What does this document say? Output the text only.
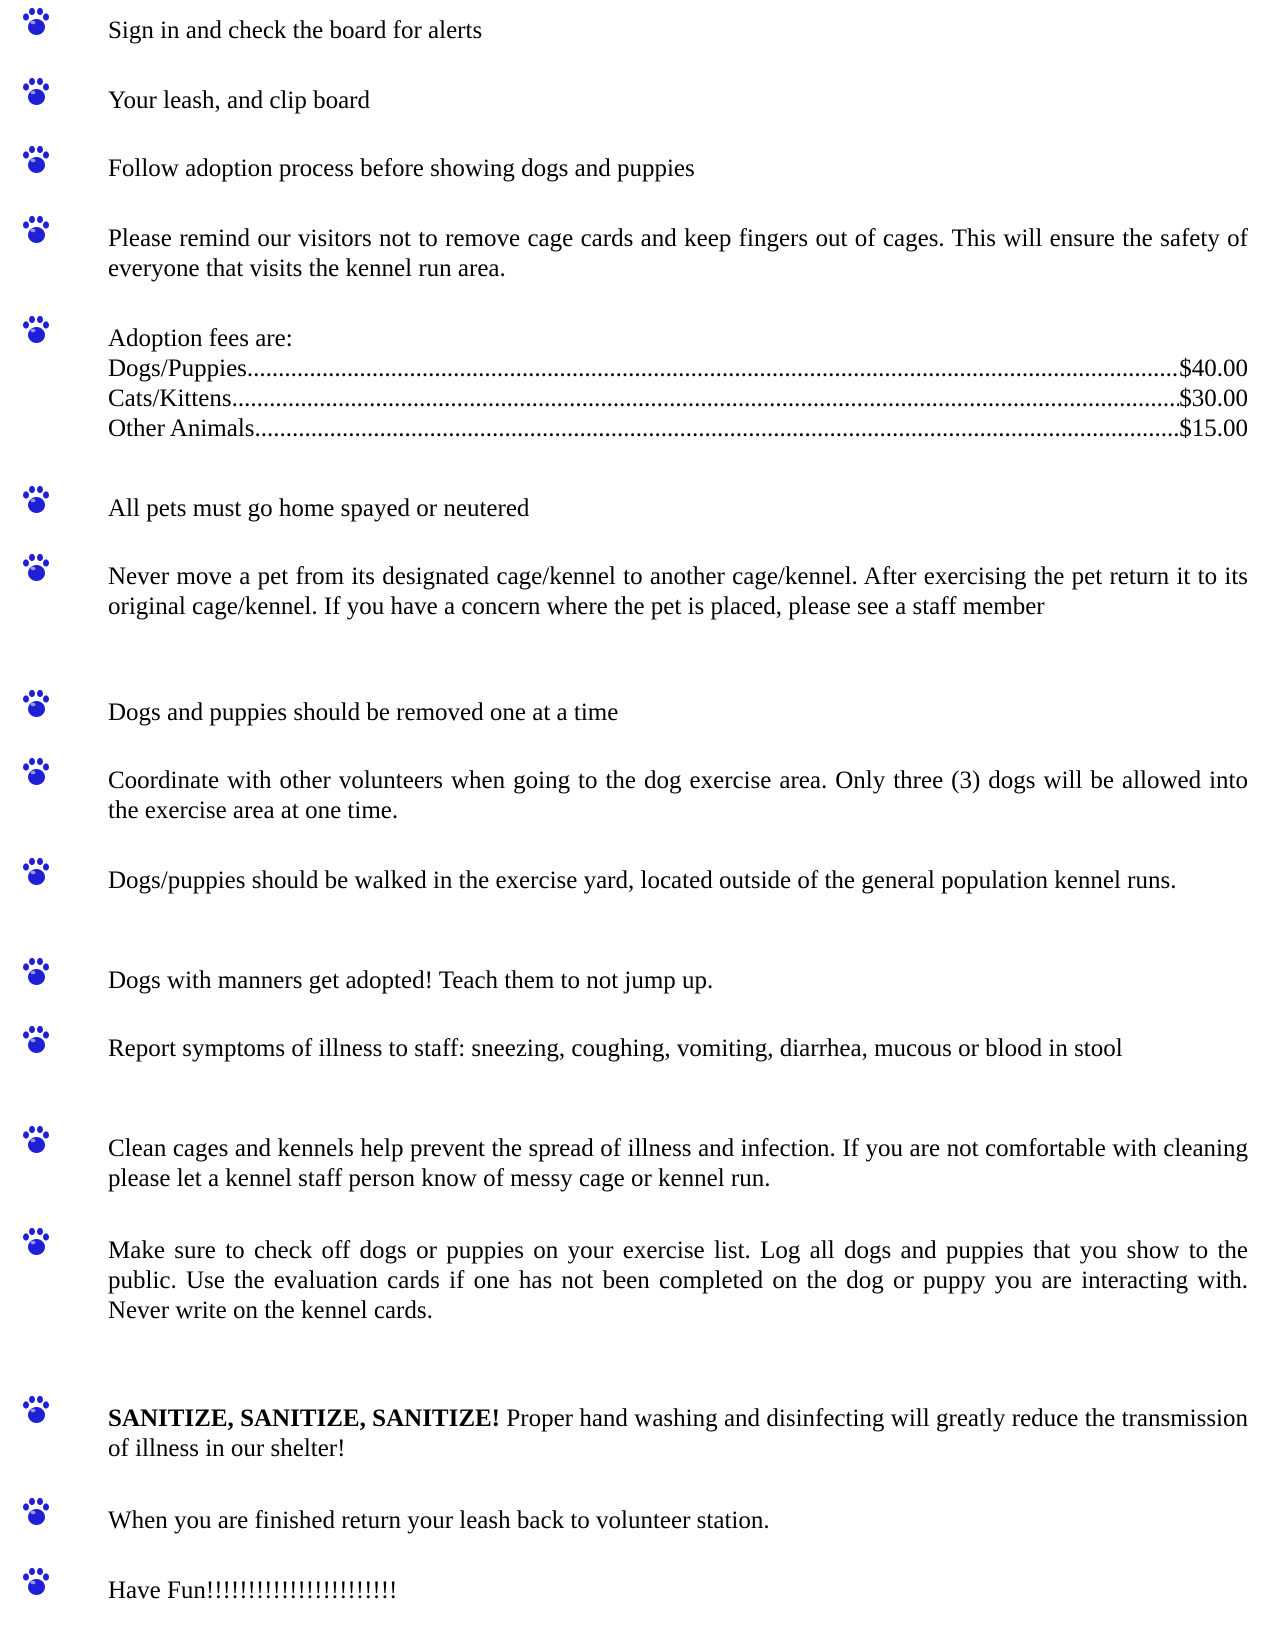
Sign in and check the board for alerts
Your leash, and clip board
Follow adoption process before showing dogs and puppies
Please remind our visitors not to remove cage cards and keep fingers out of cages. This will ensure the safety of everyone that visits the kennel run area.
Adoption fees are:
Dogs/Puppies .....	$40.00
Cats/Kittens .....	$30.00
Other Animals .....	$15.00
All pets must go home spayed or neutered
Never move a pet from its designated cage/kennel to another cage/kennel. After exercising the pet return it to its original cage/kennel. If you have a concern where the pet is placed, please see a staff member
Dogs and puppies should be removed one at a time
Coordinate with other volunteers when going to the dog exercise area. Only three (3) dogs will be allowed into the exercise area at one time.
Dogs/puppies should be walked in the exercise yard, located outside of the general population kennel runs.
Dogs with manners get adopted! Teach them to not jump up.
Report symptoms of illness to staff: sneezing, coughing, vomiting, diarrhea, mucous or blood in stool
Clean cages and kennels help prevent the spread of illness and infection. If you are not comfortable with cleaning please let a kennel staff person know of messy cage or kennel run.
Make sure to check off dogs or puppies on your exercise list. Log all dogs and puppies that you show to the public. Use the evaluation cards if one has not been completed on the dog or puppy you are interacting with. Never write on the kennel cards.
SANITIZE, SANITIZE, SANITIZE! Proper hand washing and disinfecting will greatly reduce the transmission of illness in our shelter!
When you are finished return your leash back to volunteer station.
Have Fun!!!!!!!!!!!!!!!!!!!!!!!
